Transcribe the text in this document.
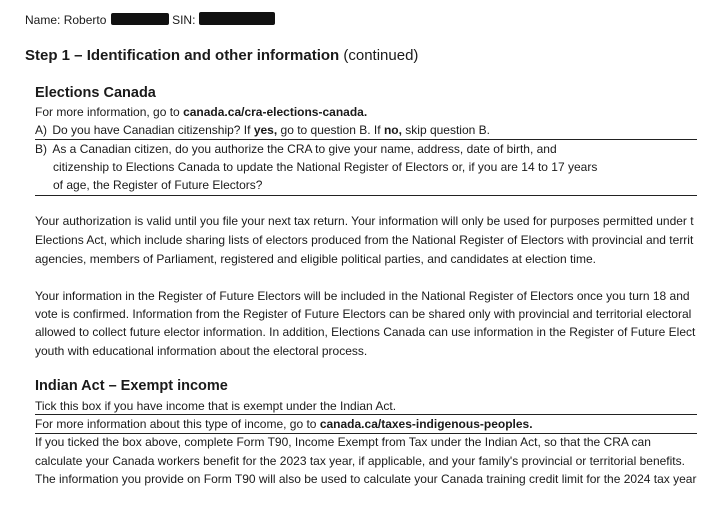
Name: Roberto	SIN:
Step 1 – Identification and other information (continued)
Elections Canada
For more information, go to canada.ca/cra-elections-canada.
A) Do you have Canadian citizenship? If yes, go to question B. If no, skip question B.
B) As a Canadian citizen, do you authorize the CRA to give your name, address, date of birth, and
citizenship to Elections Canada to update the National Register of Electors or, if you are 14 to 17 years
of age, the Register of Future Electors?
Your authorization is valid until you file your next tax return. Your information will only be used for purposes permitted under t
Elections Act, which include sharing lists of electors produced from the National Register of Electors with provincial and territ
agencies, members of Parliament, registered and eligible political parties, and candidates at election time.
Your information in the Register of Future Electors will be included in the National Register of Electors once you turn 18 and
vote is confirmed. Information from the Register of Future Electors can be shared only with provincial and territorial electoral
allowed to collect future elector information. In addition, Elections Canada can use information in the Register of Future Elect
youth with educational information about the electoral process.
Indian Act – Exempt income
Tick this box if you have income that is exempt under the Indian Act.
For more information about this type of income, go to canada.ca/taxes-indigenous-peoples.
If you ticked the box above, complete Form T90, Income Exempt from Tax under the Indian Act, so that the CRA can
calculate your Canada workers benefit for the 2023 tax year, if applicable, and your family's provincial or territorial benefits.
The information you provide on Form T90 will also be used to calculate your Canada training credit limit for the 2024 tax year
